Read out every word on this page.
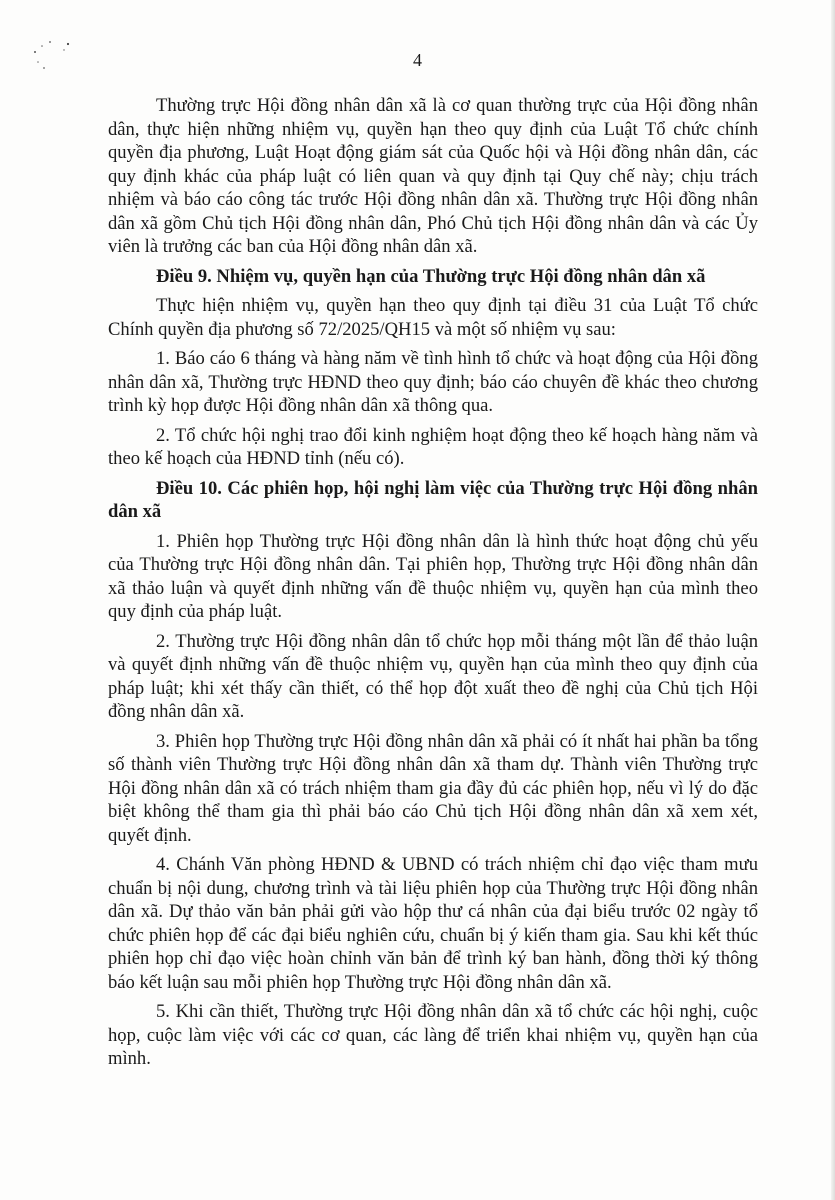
4

Thường trực Hội đồng nhân dân xã là cơ quan thường trực của Hội đồng nhân dân, thực hiện những nhiệm vụ, quyền hạn theo quy định của Luật Tổ chức chính quyền địa phương, Luật Hoạt động giám sát của Quốc hội và Hội đồng nhân dân, các quy định khác của pháp luật có liên quan và quy định tại Quy chế này; chịu trách nhiệm và báo cáo công tác trước Hội đồng nhân dân xã. Thường trực Hội đồng nhân dân xã gồm Chủ tịch Hội đồng nhân dân, Phó Chủ tịch Hội đồng nhân dân và các Ủy viên là trưởng các ban của Hội đồng nhân dân xã.

Điều 9. Nhiệm vụ, quyền hạn của Thường trực Hội đồng nhân dân xã

Thực hiện nhiệm vụ, quyền hạn theo quy định tại điều 31 của Luật Tổ chức Chính quyền địa phương số 72/2025/QH15 và một số nhiệm vụ sau:

1. Báo cáo 6 tháng và hàng năm về tình hình tổ chức và hoạt động của Hội đồng nhân dân xã, Thường trực HĐND theo quy định; báo cáo chuyên đề khác theo chương trình kỳ họp được Hội đồng nhân dân xã thông qua.

2. Tổ chức hội nghị trao đổi kinh nghiệm hoạt động theo kế hoạch hàng năm và theo kế hoạch của HĐND tỉnh (nếu có).

Điều 10. Các phiên họp, hội nghị làm việc của Thường trực Hội đồng nhân dân xã

1. Phiên họp Thường trực Hội đồng nhân dân là hình thức hoạt động chủ yếu của Thường trực Hội đồng nhân dân. Tại phiên họp, Thường trực Hội đồng nhân dân xã thảo luận và quyết định những vấn đề thuộc nhiệm vụ, quyền hạn của mình theo quy định của pháp luật.

2. Thường trực Hội đồng nhân dân tổ chức họp mỗi tháng một lần để thảo luận và quyết định những vấn đề thuộc nhiệm vụ, quyền hạn của mình theo quy định của pháp luật; khi xét thấy cần thiết, có thể họp đột xuất theo đề nghị của Chủ tịch Hội đồng nhân dân xã.

3. Phiên họp Thường trực Hội đồng nhân dân xã phải có ít nhất hai phần ba tổng số thành viên Thường trực Hội đồng nhân dân xã tham dự. Thành viên Thường trực Hội đồng nhân dân xã có trách nhiệm tham gia đầy đủ các phiên họp, nếu vì lý do đặc biệt không thể tham gia thì phải báo cáo Chủ tịch Hội đồng nhân dân xã xem xét, quyết định.

4. Chánh Văn phòng HĐND & UBND có trách nhiệm chỉ đạo việc tham mưu chuẩn bị nội dung, chương trình và tài liệu phiên họp của Thường trực Hội đồng nhân dân xã. Dự thảo văn bản phải gửi vào hộp thư cá nhân của đại biểu trước 02 ngày tổ chức phiên họp để các đại biểu nghiên cứu, chuẩn bị ý kiến tham gia. Sau khi kết thúc phiên họp chỉ đạo việc hoàn chỉnh văn bản để trình ký ban hành, đồng thời ký thông báo kết luận sau mỗi phiên họp Thường trực Hội đồng nhân dân xã.

5. Khi cần thiết, Thường trực Hội đồng nhân dân xã tổ chức các hội nghị, cuộc họp, cuộc làm việc với các cơ quan, các làng để triển khai nhiệm vụ, quyền hạn của mình.
